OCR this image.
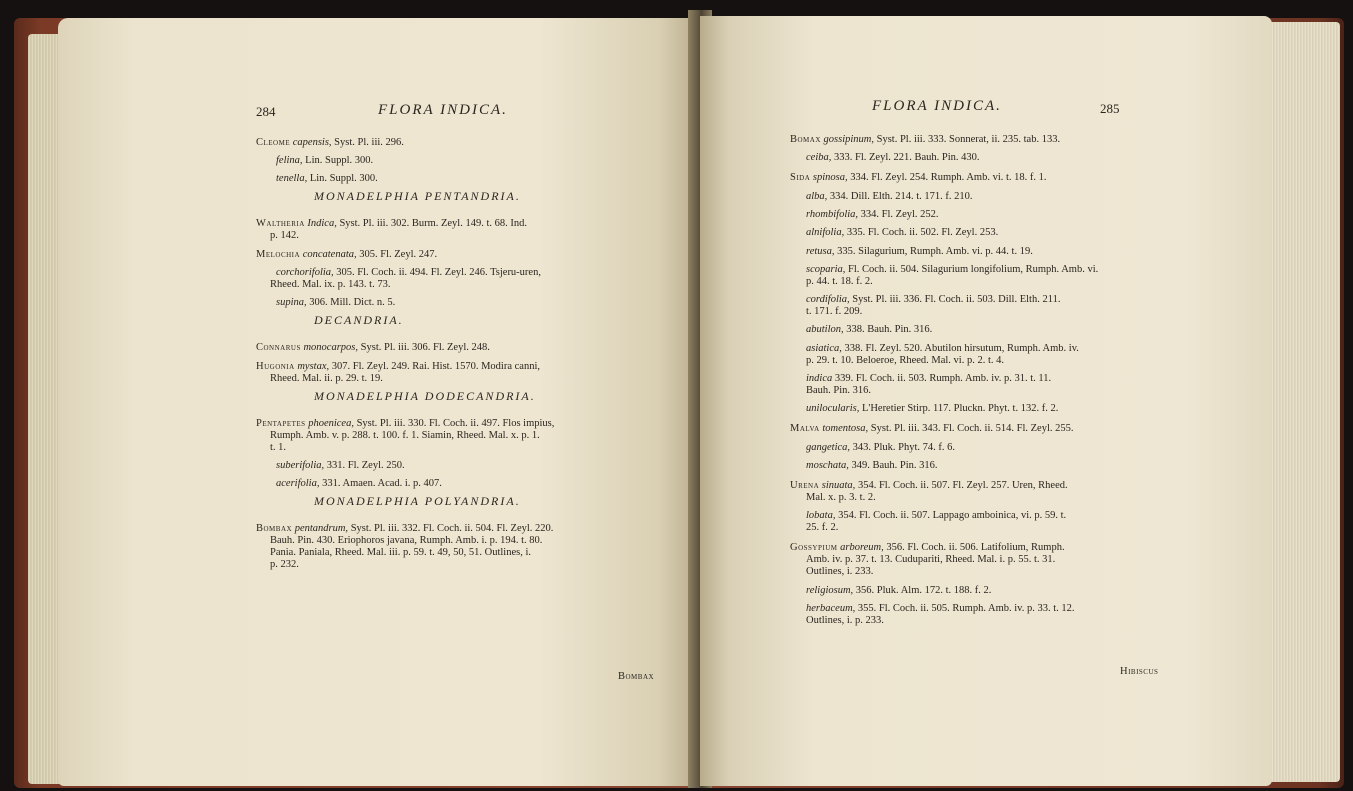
284	FLORA INDICA.
Cleome capensis, Syst. Pl. iii. 296.
felina, Lin. Suppl. 300.
tenella, Lin. Suppl. 300.
MONADELPHIA PENTANDRIA.
Waltheria Indica, Syst. Pl. iii. 302. Burm. Zeyl. 149. t. 68. Ind.
p. 142.
Melochia concatenata, 305. Fl. Zeyl. 247.
corchorifolia, 305. Fl. Coch. ii. 494. Fl. Zeyl. 246. Tsjeru-uren,
Rheed. Mal. ix. p. 143. t. 73.
supina, 306. Mill. Dict. n. 5.
DECANDRIA.
Connarus monocarpos, Syst. Pl. iii. 306. Fl. Zeyl. 248.
Hugonia mystax, 307. Fl. Zeyl. 249. Rai. Hist. 1570. Modira canni,
Rheed. Mal. ii. p. 29. t. 19.
MONADELPHIA DODECANDRIA.
Pentapetes phoenicea, Syst. Pl. iii. 330. Fl. Coch. ii. 497. Flos impius,
Rumph. Amb. v. p. 288. t. 100. f. 1. Siamin, Rheed. Mal. x. p. 1.
t. 1.
suberifolia, 331. Fl. Zeyl. 250.
acerifolia, 331. Amaen. Acad. i. p. 407.
MONADELPHIA POLYANDRIA.
Bombax pentandrum, Syst. Pl. iii. 332. Fl. Coch. ii. 504. Fl. Zeyl. 220.
Bauh. Pin. 430. Eriophoros javana, Rumph. Amb. i. p. 194. t. 80.
Pania. Paniala, Rheed. Mal. iii. p. 59. t. 49, 50, 51. Outlines, i.
p. 232.
Bombax
FLORA INDICA.	285
Bomax gossipinum, Syst. Pl. iii. 333. Sonnerat, ii. 235. tab. 133.
ceiba, 333. Fl. Zeyl. 221. Bauh. Pin. 430.
Sida spinosa, 334. Fl. Zeyl. 254. Rumph. Amb. vi. t. 18. f. 1.
alba, 334. Dill. Elth. 214. t. 171. f. 210.
rhombifolia, 334. Fl. Zeyl. 252.
alnifolia, 335. Fl. Coch. ii. 502. Fl. Zeyl. 253.
retusa, 335. Silagurium, Rumph. Amb. vi. p. 44. t. 19.
scoparia, Fl. Coch. ii. 504. Silagurium longifolium, Rumph. Amb. vi.
p. 44. t. 18. f. 2.
cordifolia, Syst. Pl. iii. 336. Fl. Coch. ii. 503. Dill. Elth. 211.
t. 171. f. 209.
abutilon, 338. Bauh. Pin. 316.
asiatica, 338. Fl. Zeyl. 520. Abutilon hirsutum, Rumph. Amb. iv.
p. 29. t. 10. Beloeroe, Rheed. Mal. vi. p. 2. t. 4.
indica 339. Fl. Coch. ii. 503. Rumph. Amb. iv. p. 31. t. 11.
Bauh. Pin. 316.
unilocularis, L'Heretier Stirp. 117. Pluckn. Phyt. t. 132. f. 2.
Malva tomentosa, Syst. Pl. iii. 343. Fl. Coch. ii. 514. Fl. Zeyl. 255.
gangetica, 343. Pluk. Phyt. 74. f. 6.
moschata, 349. Bauh. Pin. 316.
Urena sinuata, 354. Fl. Coch. ii. 507. Fl. Zeyl. 257. Uren, Rheed.
Mal. x. p. 3. t. 2.
lobata, 354. Fl. Coch. ii. 507. Lappago amboinica, vi. p. 59. t.
25. f. 2.
Gossypium arboreum, 356. Fl. Coch. ii. 506. Latifolium, Rumph.
Amb. iv. p. 37. t. 13. Cudupariti, Rheed. Mal. i. p. 55. t. 31.
Outlines, i. 233.
religiosum, 356. Pluk. Alm. 172. t. 188. f. 2.
herbaceum, 355. Fl. Coch. ii. 505. Rumph. Amb. iv. p. 33. t. 12.
Outlines, i. p. 233.
Hibiscus
